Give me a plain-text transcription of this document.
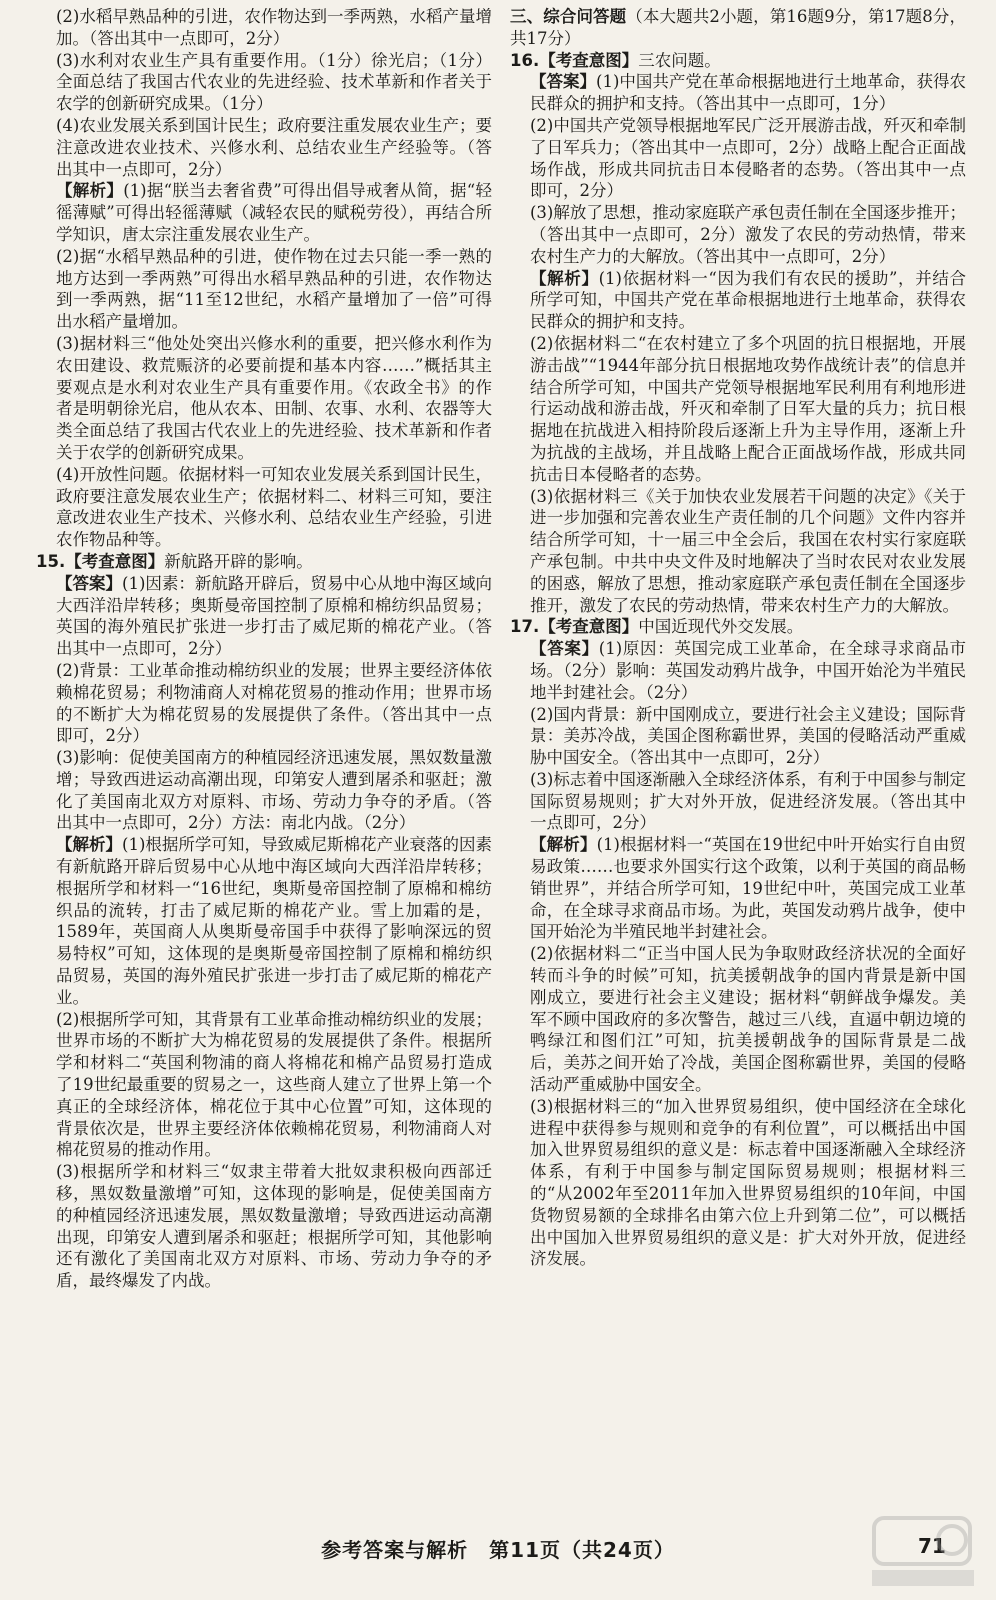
(2)水稻早熟品种的引进，农作物达到一季两熟，水稻产量增加。（答出其中一点即可，2分）

(3)水利对农业生产具有重要作用。（1分）徐光启；（1分）全面总结了我国古代农业的先进经验、技术革新和作者关于农学的创新研究成果。（1分）

(4)农业发展关系到国计民生；政府要注重发展农业生产；要注意改进农业技术、兴修水利、总结农业生产经验等。（答出其中一点即可，2分）

【解析】(1)据“朕当去奢省费”可得出倡导戒奢从简，据“轻徭薄赋”可得出轻徭薄赋（减轻农民的赋税劳役），再结合所学知识，唐太宗注重发展农业生产。

(2)据“水稻早熟品种的引进，使作物在过去只能一季一熟的地方达到一季两熟”可得出水稻早熟品种的引进，农作物达到一季两熟，据“11至12世纪，水稻产量增加了一倍”可得出水稻产量增加。

(3)据材料三“他处处突出兴修水利的重要，把兴修水利作为农田建设、救荒赈济的必要前提和基本内容……”概括其主要观点是水利对农业生产具有重要作用。《农政全书》的作者是明朝徐光启，他从农本、田制、农事、水利、农器等大类全面总结了我国古代农业上的先进经验、技术革新和作者关于农学的创新研究成果。

(4)开放性问题。依据材料一可知农业发展关系到国计民生，政府要注意发展农业生产；依据材料二、材料三可知，要注意改进农业生产技术、兴修水利、总结农业生产经验，引进农作物品种等。

15.【考查意图】新航路开辟的影响。

【答案】(1)因素：新航路开辟后，贸易中心从地中海区域向大西洋沿岸转移；奥斯曼帝国控制了原棉和棉纺织品贸易；英国的海外殖民扩张进一步打击了威尼斯的棉花产业。（答出其中一点即可，2分）

(2)背景：工业革命推动棉纺织业的发展；世界主要经济体依赖棉花贸易；利物浦商人对棉花贸易的推动作用；世界市场的不断扩大为棉花贸易的发展提供了条件。（答出其中一点即可，2分）

(3)影响：促使美国南方的种植园经济迅速发展，黑奴数量激增；导致西进运动高潮出现，印第安人遭到屠杀和驱赶；激化了美国南北双方对原料、市场、劳动力争夺的矛盾。（答出其中一点即可，2分）方法：南北内战。（2分）

【解析】(1)根据所学可知，导致威尼斯棉花产业衰落的因素有新航路开辟后贸易中心从地中海区域向大西洋沿岸转移；根据所学和材料一“16世纪，奥斯曼帝国控制了原棉和棉纺织品的流转，打击了威尼斯的棉花产业。雪上加霜的是，1589年，英国商人从奥斯曼帝国手中获得了影响深远的贸易特权”可知，这体现的是奥斯曼帝国控制了原棉和棉纺织品贸易，英国的海外殖民扩张进一步打击了威尼斯的棉花产业。

(2)根据所学可知，其背景有工业革命推动棉纺织业的发展；世界市场的不断扩大为棉花贸易的发展提供了条件。根据所学和材料二“英国利物浦的商人将棉花和棉产品贸易打造成了19世纪最重要的贸易之一，这些商人建立了世界上第一个真正的全球经济体，棉花位于其中心位置”可知，这体现的背景依次是，世界主要经济体依赖棉花贸易，利物浦商人对棉花贸易的推动作用。

(3)根据所学和材料三“奴隶主带着大批奴隶积极向西部迁移，黑奴数量激增”可知，这体现的影响是，促使美国南方的种植园经济迅速发展，黑奴数量激增；导致西进运动高潮出现，印第安人遭到屠杀和驱赶；根据所学可知，其他影响还有激化了美国南北双方对原料、市场、劳动力争夺的矛盾，最终爆发了内战。

三、综合问答题（本大题共2小题，第16题9分，第17题8分，共17分）

16.【考查意图】三农问题。

【答案】(1)中国共产党在革命根据地进行土地革命，获得农民群众的拥护和支持。（答出其中一点即可，1分）

(2)中国共产党领导根据地军民广泛开展游击战，歼灭和牵制了日军兵力；（答出其中一点即可，2分）战略上配合正面战场作战，形成共同抗击日本侵略者的态势。（答出其中一点即可，2分）

(3)解放了思想，推动家庭联产承包责任制在全国逐步推开；（答出其中一点即可，2分）激发了农民的劳动热情，带来农村生产力的大解放。（答出其中一点即可，2分）

【解析】(1)依据材料一“因为我们有农民的援助”，并结合所学可知，中国共产党在革命根据地进行土地革命，获得农民群众的拥护和支持。

(2)依据材料二“在农村建立了多个巩固的抗日根据地，开展游击战”“1944年部分抗日根据地攻势作战统计表”的信息并结合所学可知，中国共产党领导根据地军民利用有利地形进行运动战和游击战，歼灭和牵制了日军大量的兵力；抗日根据地在抗战进入相持阶段后逐渐上升为主导作用，逐渐上升为抗战的主战场，并且战略上配合正面战场作战，形成共同抗击日本侵略者的态势。

(3)依据材料三《关于加快农业发展若干问题的决定》《关于进一步加强和完善农业生产责任制的几个问题》文件内容并结合所学可知，十一届三中全会后，我国在农村实行家庭联产承包制。中共中央文件及时地解决了当时农民对农业发展的困惑，解放了思想，推动家庭联产承包责任制在全国逐步推开，激发了农民的劳动热情，带来农村生产力的大解放。

17.【考查意图】中国近现代外交发展。

【答案】(1)原因：英国完成工业革命，在全球寻求商品市场。（2分）影响：英国发动鸦片战争，中国开始沦为半殖民地半封建社会。（2分）

(2)国内背景：新中国刚成立，要进行社会主义建设；国际背景：美苏冷战，美国企图称霸世界，美国的侵略活动严重威胁中国安全。（答出其中一点即可，2分）

(3)标志着中国逐渐融入全球经济体系，有利于中国参与制定国际贸易规则；扩大对外开放，促进经济发展。（答出其中一点即可，2分）

【解析】(1)根据材料一“英国在19世纪中叶开始实行自由贸易政策……也要求外国实行这个政策，以利于英国的商品畅销世界”，并结合所学可知，19世纪中叶，英国完成工业革命，在全球寻求商品市场。为此，英国发动鸦片战争，使中国开始沦为半殖民地半封建社会。

(2)依据材料二“正当中国人民为争取财政经济状况的全面好转而斗争的时候”可知，抗美援朝战争的国内背景是新中国刚成立，要进行社会主义建设；据材料“朝鲜战争爆发。美军不顾中国政府的多次警告，越过三八线，直逼中朝边境的鸭绿江和图们江”可知，抗美援朝战争的国际背景是二战后，美苏之间开始了冷战，美国企图称霸世界，美国的侵略活动严重威胁中国安全。

(3)根据材料三的“加入世界贸易组织，使中国经济在全球化进程中获得参与规则和竞争的有利位置”，可以概括出中国加入世界贸易组织的意义是：标志着中国逐渐融入全球经济体系，有利于中国参与制定国际贸易规则；根据材料三的“从2002年至2011年加入世界贸易组织的10年间，中国货物贸易额的全球排名由第六位上升到第二位”，可以概括出中国加入世界贸易组织的意义是：扩大对外开放，促进经济发展。

参考答案与解析　第11页（共24页）	71
